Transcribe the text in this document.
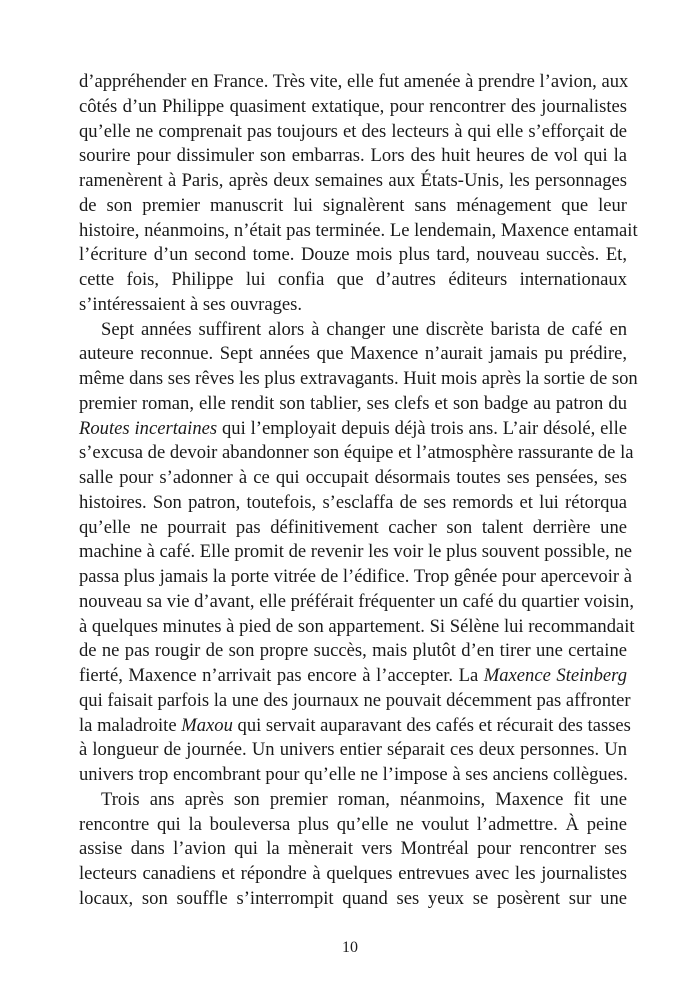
d’appréhender en France. Très vite, elle fut amenée à prendre l’avion, aux
côtés d’un Philippe quasiment extatique, pour rencontrer des journalistes
qu’elle ne comprenait pas toujours et des lecteurs à qui elle s’efforçait de
sourire pour dissimuler son embarras. Lors des huit heures de vol qui la
ramenèrent à Paris, après deux semaines aux États-Unis, les personnages
de son premier manuscrit lui signalèrent sans ménagement que leur
histoire, néanmoins, n’était pas terminée. Le lendemain, Maxence entamait
l’écriture d’un second tome. Douze mois plus tard, nouveau succès. Et,
cette fois, Philippe lui confia que d’autres éditeurs internationaux
s’intéressaient à ses ouvrages.
Sept années suffirent alors à changer une discrète barista de café en
auteure reconnue. Sept années que Maxence n’aurait jamais pu prédire,
même dans ses rêves les plus extravagants. Huit mois après la sortie de son
premier roman, elle rendit son tablier, ses clefs et son badge au patron du
Routes incertaines qui l’employait depuis déjà trois ans. L’air désolé, elle
s’excusa de devoir abandonner son équipe et l’atmosphère rassurante de la
salle pour s’adonner à ce qui occupait désormais toutes ses pensées, ses
histoires. Son patron, toutefois, s’esclaffa de ses remords et lui rétorqua
qu’elle ne pourrait pas définitivement cacher son talent derrière une
machine à café. Elle promit de revenir les voir le plus souvent possible, ne
passa plus jamais la porte vitrée de l’édifice. Trop gênée pour apercevoir à
nouveau sa vie d’avant, elle préférait fréquenter un café du quartier voisin,
à quelques minutes à pied de son appartement. Si Sélène lui recommandait
de ne pas rougir de son propre succès, mais plutôt d’en tirer une certaine
fierté, Maxence n’arrivait pas encore à l’accepter. La Maxence Steinberg
qui faisait parfois la une des journaux ne pouvait décemment pas affronter
la maladroite Maxou qui servait auparavant des cafés et récurait des tasses
à longueur de journée. Un univers entier séparait ces deux personnes. Un
univers trop encombrant pour qu’elle ne l’impose à ses anciens collègues.
Trois ans après son premier roman, néanmoins, Maxence fit une
rencontre qui la bouleversa plus qu’elle ne voulut l’admettre. À peine
assise dans l’avion qui la mènerait vers Montréal pour rencontrer ses
lecteurs canadiens et répondre à quelques entrevues avec les journalistes
locaux, son souffle s’interrompit quand ses yeux se posèrent sur une
10
